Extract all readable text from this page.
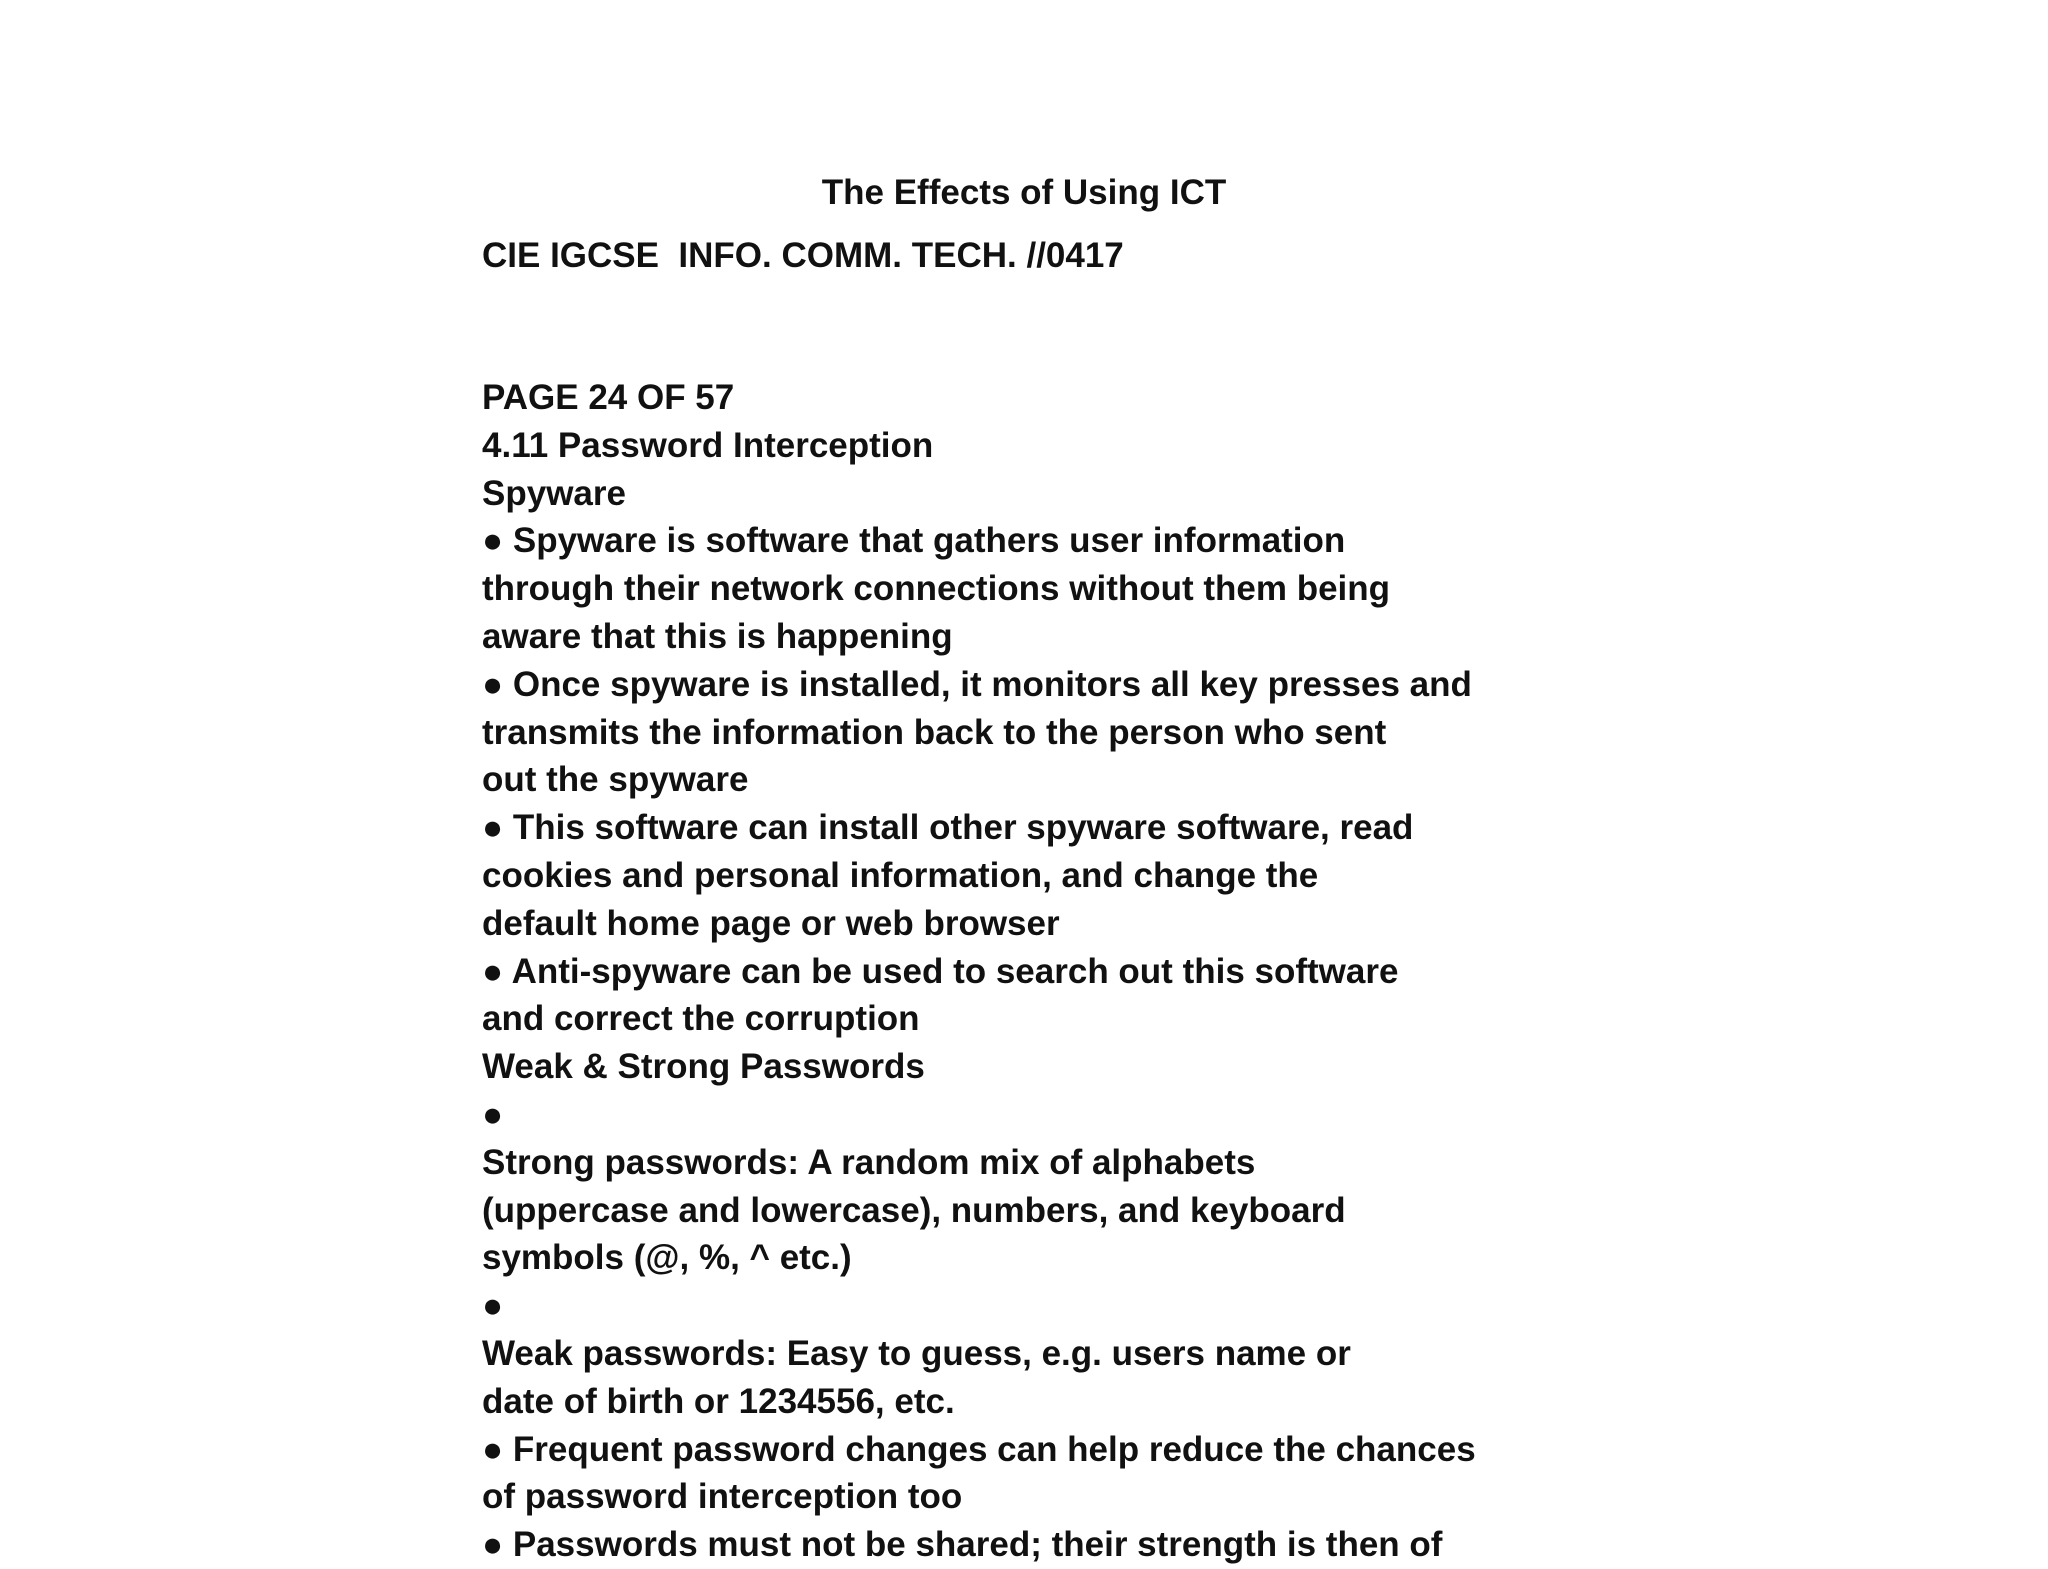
The Effects of Using ICT
CIE IGCSE  INFO. COMM. TECH. //0417
PAGE 24 OF 57
4.11 Password Interception
Spyware
● Spyware is software that gathers user information
through their network connections without them being
aware that this is happening
● Once spyware is installed, it monitors all key presses and
transmits the information back to the person who sent
out the spyware
● This software can install other spyware software, read
cookies and personal information, and change the
default home page or web browser
● Anti-spyware can be used to search out this software
and correct the corruption
Weak & Strong Passwords
●
Strong passwords: A random mix of alphabets
(uppercase and lowercase), numbers, and keyboard
symbols (@, %, ^ etc.)
●
Weak passwords: Easy to guess, e.g. users name or
date of birth or 1234556, etc.
● Frequent password changes can help reduce the chances
of password interception too
● Passwords must not be shared; their strength is then of
